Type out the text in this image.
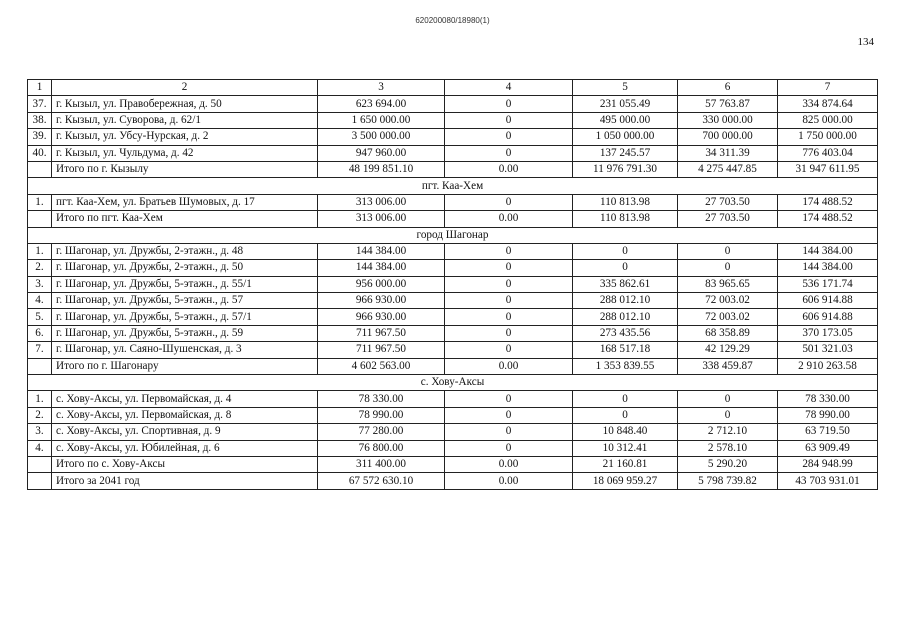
620200080/18980(1)
134
1	2	3	4	5	6	7
37.	г. Кызыл, ул. Правобережная, д. 50	623 694.00	0	231 055.49	57 763.87	334 874.64
38.	г. Кызыл, ул. Суворова, д. 62/1	1 650 000.00	0	495 000.00	330 000.00	825 000.00
39.	г. Кызыл, ул. Убсу-Нурская, д. 2	3 500 000.00	0	1 050 000.00	700 000.00	1 750 000.00
40.	г. Кызыл, ул. Чульдума, д. 42	947 960.00	0	137 245.57	34 311.39	776 403.04
	Итого по г. Кызылу	48 199 851.10	0.00	11 976 791.30	4 275 447.85	31 947 611.95
пгт. Каа-Хем						
1.	пгт. Каа-Хем, ул. Братьев Шумовых, д. 17	313 006.00	0	110 813.98	27 703.50	174 488.52
	Итого по пгт. Каа-Хем	313 006.00	0.00	110 813.98	27 703.50	174 488.52
город Шагонар						
1.	г. Шагонар, ул. Дружбы, 2-этажн., д. 48	144 384.00	0	0	0	144 384.00
2.	г. Шагонар, ул. Дружбы, 2-этажн., д. 50	144 384.00	0	0	0	144 384.00
3.	г. Шагонар, ул. Дружбы, 5-этажн., д. 55/1	956 000.00	0	335 862.61	83 965.65	536 171.74
4.	г. Шагонар, ул. Дружбы, 5-этажн., д. 57	966 930.00	0	288 012.10	72 003.02	606 914.88
5.	г. Шагонар, ул. Дружбы, 5-этажн., д. 57/1	966 930.00	0	288 012.10	72 003.02	606 914.88
6.	г. Шагонар, ул. Дружбы, 5-этажн., д. 59	711 967.50	0	273 435.56	68 358.89	370 173.05
7.	г. Шагонар, ул. Саяно-Шушенская, д. 3	711 967.50	0	168 517.18	42 129.29	501 321.03
	Итого по г. Шагонару	4 602 563.00	0.00	1 353 839.55	338 459.87	2 910 263.58
с. Хову-Аксы						
1.	с. Хову-Аксы, ул. Первомайская, д. 4	78 330.00	0	0	0	78 330.00
2.	с. Хову-Аксы, ул. Первомайская, д. 8	78 990.00	0	0	0	78 990.00
3.	с. Хову-Аксы, ул. Спортивная, д. 9	77 280.00	0	10 848.40	2 712.10	63 719.50
4.	с. Хову-Аксы, ул. Юбилейная, д. 6	76 800.00	0	10 312.41	2 578.10	63 909.49
	Итого по с. Хову-Аксы	311 400.00	0.00	21 160.81	5 290.20	284 948.99
	Итого за 2041 год	67 572 630.10	0.00	18 069 959.27	5 798 739.82	43 703 931.01
